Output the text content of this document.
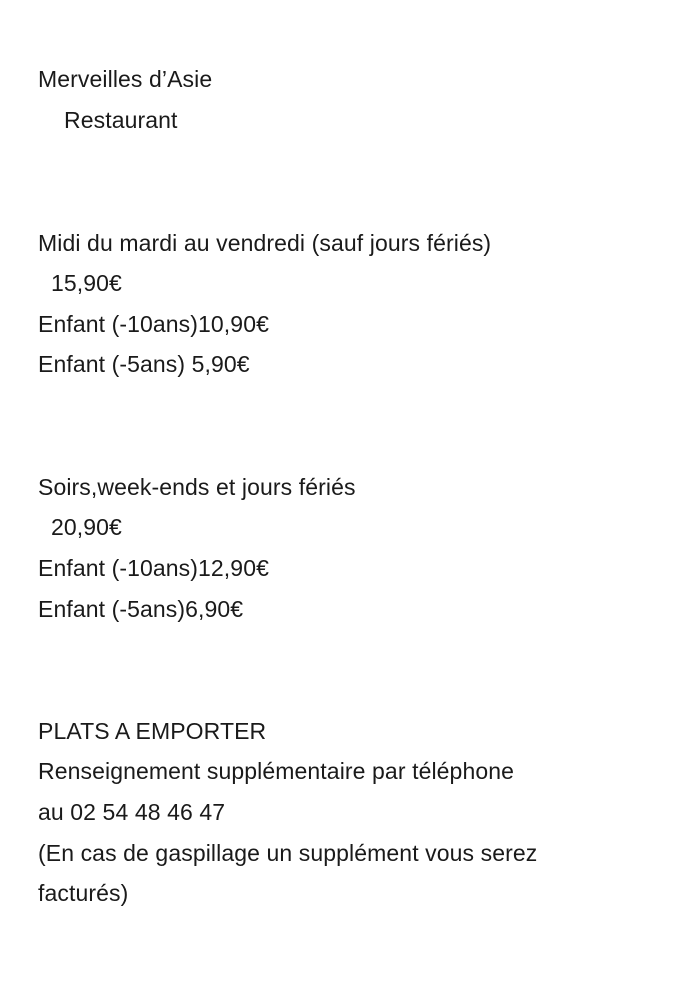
Merveilles d’Asie
Restaurant
Midi du mardi au vendredi (sauf jours fériés)
15,90€
Enfant (-10ans)10,90€
Enfant (-5ans) 5,90€
Soirs,week-ends et jours fériés
20,90€
Enfant (-10ans)12,90€
Enfant (-5ans)6,90€
PLATS A EMPORTER
Renseignement supplémentaire par téléphone
au 02 54 48 46 47
(En cas de gaspillage un supplément vous serez
facturés)
